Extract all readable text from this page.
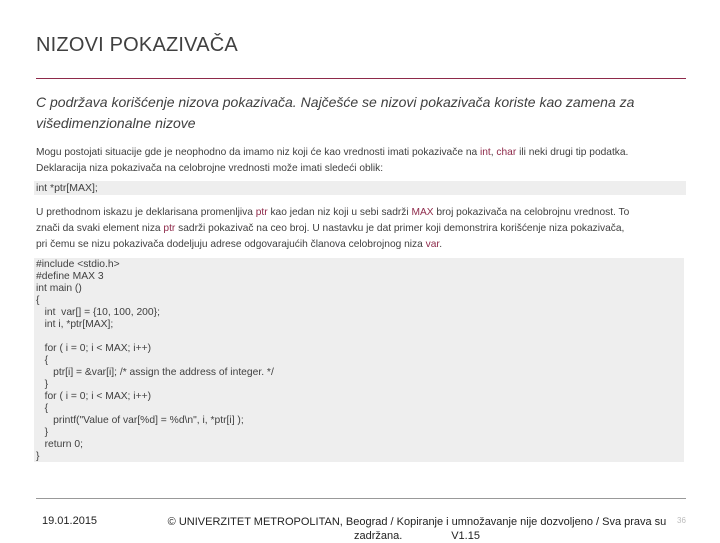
NIZOVI POKAZIVAČA
C podržava korišćenje nizova pokazivača. Najčešće se nizovi pokazivača koriste kao zamena za višedimenzionalne nizove
Mogu postojati situacije gde je neophodno da imamo niz koji će kao vrednosti imati pokazivače na int, char ili neki drugi tip podatka.
Deklaracija niza pokazivača na celobrojne vrednosti može imati sledeći oblik:
int *ptr[MAX];
U prethodnom iskazu je deklarisana promenljiva ptr kao jedan niz koji u sebi sadrži MAX broj pokazivača na celobrojnu vrednost. To
znači da svaki element niza ptr sadrži pokazivač na ceo broj. U nastavku je dat primer koji demonstrira korišćenje niza pokazivača,
pri čemu se nizu pokazivača dodeljuju adrese odgovarajućih članova celobrojnog niza var.
#include <stdio.h>
#define MAX 3
int main ()
{
int  var[] = {10, 100, 200};
int i, *ptr[MAX];
for ( i = 0; i < MAX; i++)
{
ptr[i] = &var[i]; /* assign the address of integer. */
}
for ( i = 0; i < MAX; i++)
{
printf("Value of var[%d] = %d\n", i, *ptr[i] );
}
return 0;
}
19.01.2015	© UNIVERZITET METROPOLITAN, Beograd / Kopiranje i umnožavanje nije dozvoljeno / Sva prava su
zadržana.                V1.15
36
